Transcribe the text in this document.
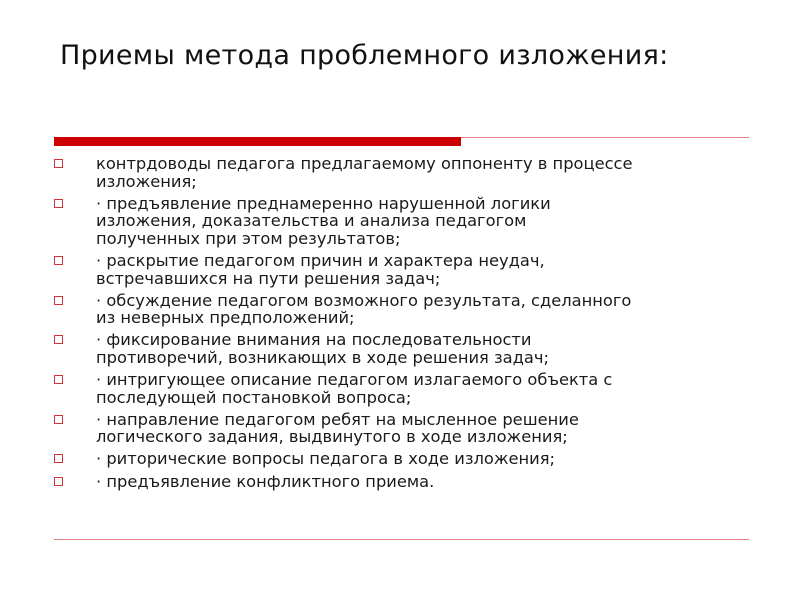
Приемы метода проблемного изложения:
контрдоводы педагога предлагаемому оппоненту в процессе
изложения;
· предъявление преднамеренно нарушенной логики
изложения, доказательства и анализа педагогом
полученных при этом результатов;
· раскрытие педагогом причин и характера неудач,
встречавшихся на пути решения задач;
· обсуждение педагогом возможного результата, сделанного
из неверных предположений;
· фиксирование внимания на последовательности
противоречий, возникающих в ходе решения задач;
· интригующее описание педагогом излагаемого объекта с
последующей постановкой вопроса;
· направление педагогом ребят на мысленное решение
логического задания, выдвинутого в ходе изложения;
· риторические вопросы педагога в ходе изложения;
· предъявление конфликтного приема.
